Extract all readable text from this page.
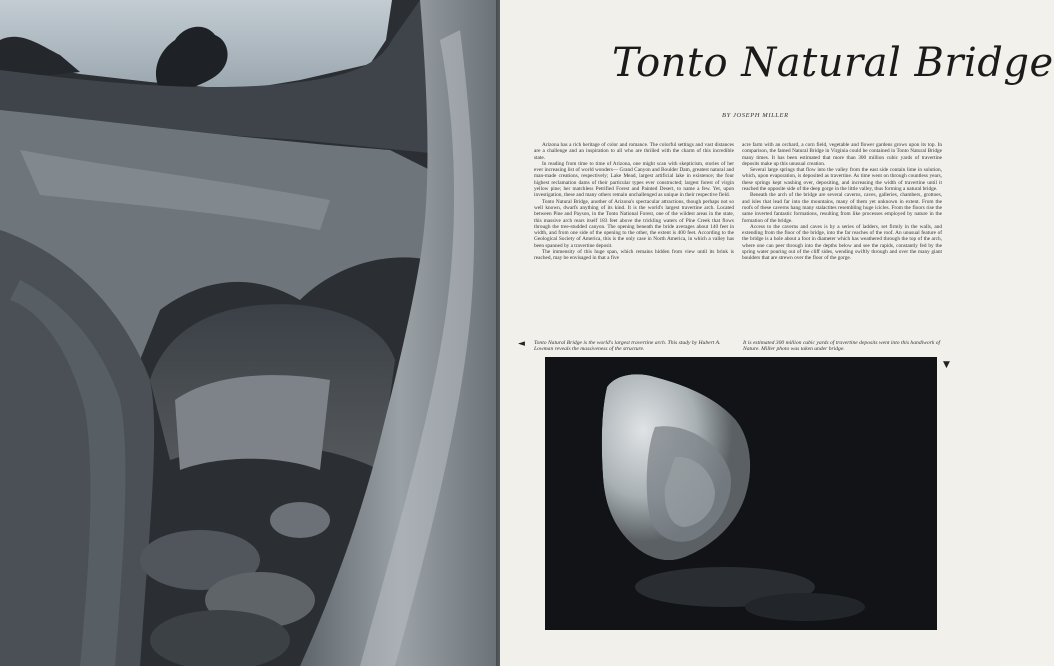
Tonto Natural Bridge
BY JOSEPH MILLER

Arizona has a rich heritage of color and romance. The colorful settings and vast distances are a challenge and an inspiration to all who are thrilled with the charm of this incredible state.

In reading from time to time of Arizona, one might scan with skepticism, stories of her ever increasing list of world wonders— Grand Canyon and Boulder Dam, greatest natural and man-made creations, respectively; Lake Mead, largest artificial lake in existence; the four highest reclamation dams of their particular types ever constructed; largest forest of virgin yellow pine; her matchless Petrified Forest and Painted Desert, to name a few. Yet, upon investigation, these and many others remain unchallenged as unique in their respective field.

Tonto Natural Bridge, another of Arizona's spectacular attractions, though perhaps not so well known, dwarfs anything of its kind. It is the world's largest travertine arch. Located between Pine and Payson, in the Tonto National Forest, one of the wildest areas in the state, this massive arch rears itself 183 feet above the trickling waters of Pine Creek that flows through the tree-studded canyon. The opening beneath the bride averages about 140 feet in width, and from one side of the opening to the other, the extent is 400 feet. According to the Geological Society of America, this is the only case in North America, in which a valley has been spanned by a travertine deposit.

The immensity of this huge span, which remains hidden from view until its brink is reached, may be envisaged in that a five

acre farm with an orchard, a corn field, vegetable and flower gardens grows upon its top. In comparison, the famed Natural Bridge in Virginia could be contained in Tonto Natural Bridge many times. It has been estimated that more than 300 million cubic yards of travertine deposits make up this unusual creation.

Several large springs that flow into the valley from the east side contain lime in solution, which, upon evaporation, is deposited as travertine. As time went on through countless years, these springs kept washing over, depositing, and increasing the width of travertine until it reached the opposite side of the deep gorge in the little valley, thus forming a natural bridge.

Beneath the arch of the bridge are several caverns, caves, galleries, chambers, grottoes, and isles that lead far into the mountains, many of them yet unknown in extent. From the roofs of these caverns hang many stalactites resembling huge icicles. From the floors rise the same inverted fantastic formations, resulting from like processes employed by nature in the formation of the bridge.

Access to the caverns and caves is by a series of ladders, set firmly in the walls, and extending from the floor of the bridge, into the far reaches of the roof. An unusual feature of the bridge is a hole about a foot in diameter which has weathered through the top of the arch, where one can peer through into the depths below and see the rapids, constantly fed by the spring water pouring out of the cliff sides, wending swiftly through and over the many giant boulders that are strewn over the floor of the gorge.

◄ Tonto Natural Bridge is the world's largest travertine arch. This study by Hubert A. Lowman reveals the massiveness of the structure.
It is estimated 300 million cubic yards of travertine deposits went into this handiwork of Nature. Miller photo was taken under bridge.
▼
